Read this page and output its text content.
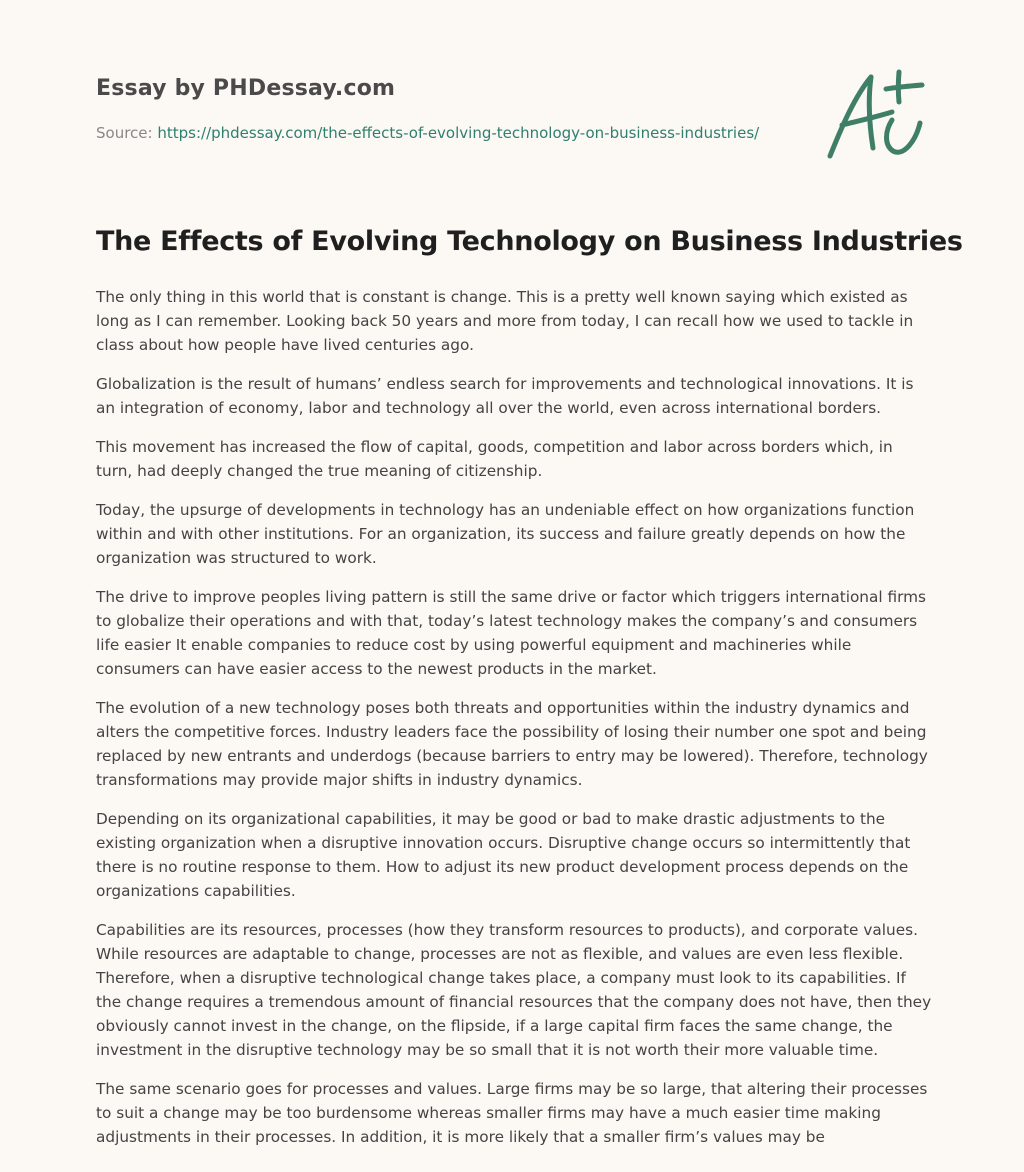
Essay by PHDessay.com
Source: https://phdessay.com/the-effects-of-evolving-technology-on-business-industries/
The Effects of Evolving Technology on Business Industries

The only thing in this world that is constant is change. This is a pretty well known saying which existed as long as I can remember. Looking back 50 years and more from today, I can recall how we used to tackle in class about how people have lived centuries ago.

Globalization is the result of humans’ endless search for improvements and technological innovations. It is an integration of economy, labor and technology all over the world, even across international borders.

This movement has increased the flow of capital, goods, competition and labor across borders which, in turn, had deeply changed the true meaning of citizenship.

Today, the upsurge of developments in technology has an undeniable effect on how organizations function within and with other institutions. For an organization, its success and failure greatly depends on how the organization was structured to work.

The drive to improve peoples living pattern is still the same drive or factor which triggers international firms to globalize their operations and with that, today’s latest technology makes the company’s and consumers life easier It enable companies to reduce cost by using powerful equipment and machineries while consumers can have easier access to the newest products in the market.

The evolution of a new technology poses both threats and opportunities within the industry dynamics and alters the competitive forces. Industry leaders face the possibility of losing their number one spot and being replaced by new entrants and underdogs (because barriers to entry may be lowered). Therefore, technology transformations may provide major shifts in industry dynamics.

Depending on its organizational capabilities, it may be good or bad to make drastic adjustments to the existing organization when a disruptive innovation occurs. Disruptive change occurs so intermittently that there is no routine response to them. How to adjust its new product development process depends on the organizations capabilities.

Capabilities are its resources, processes (how they transform resources to products), and corporate values. While resources are adaptable to change, processes are not as flexible, and values are even less flexible. Therefore, when a disruptive technological change takes place, a company must look to its capabilities. If the change requires a tremendous amount of financial resources that the company does not have, then they obviously cannot invest in the change, on the flipside, if a large capital firm faces the same change, the investment in the disruptive technology may be so small that it is not worth their more valuable time.

The same scenario goes for processes and values. Large firms may be so large, that altering their processes to suit a change may be too burdensome whereas smaller firms may have a much easier time making adjustments in their processes. In addition, it is more likely that a smaller firm’s values may be
